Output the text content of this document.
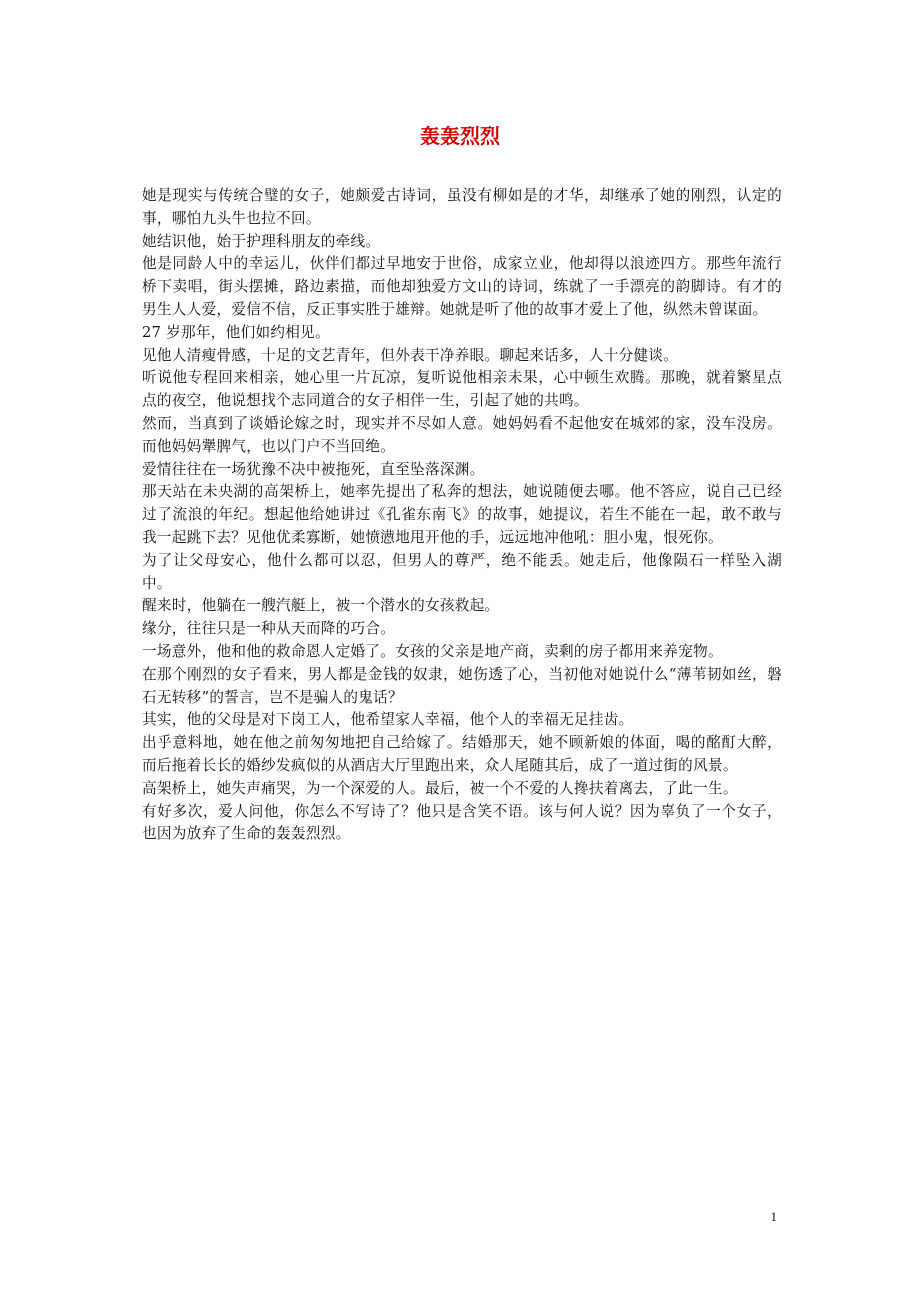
轰轰烈烈

她是现实与传统合璧的女子，她颇爱古诗词，虽没有柳如是的才华，却继承了她的刚烈，认定的事，哪怕九头牛也拉不回。

她结识他，始于护理科朋友的牵线。

他是同龄人中的幸运儿，伙伴们都过早地安于世俗，成家立业，他却得以浪迹四方。那些年流行桥下卖唱，街头摆摊，路边素描，而他却独爱方文山的诗词，练就了一手漂亮的韵脚诗。有才的男生人人爱，爱信不信，反正事实胜于雄辩。她就是听了他的故事才爱上了他，纵然未曾谋面。

27 岁那年，他们如约相见。

见他人清瘦骨感，十足的文艺青年，但外表干净养眼。聊起来话多，人十分健谈。

听说他专程回来相亲，她心里一片瓦凉，复听说他相亲未果，心中顿生欢腾。那晚，就着繁星点点的夜空，他说想找个志同道合的女子相伴一生，引起了她的共鸣。

然而，当真到了谈婚论嫁之时，现实并不尽如人意。她妈妈看不起他安在城郊的家，没车没房。而他妈妈犟脾气，也以门户不当回绝。

爱情往往在一场犹豫不决中被拖死，直至坠落深渊。

那天站在未央湖的高架桥上，她率先提出了私奔的想法，她说随便去哪。他不答应，说自己已经过了流浪的年纪。想起他给她讲过《孔雀东南飞》的故事，她提议，若生不能在一起，敢不敢与我一起跳下去？见他优柔寡断，她愤懑地甩开他的手，远远地冲他吼：胆小鬼，恨死你。

为了让父母安心，他什么都可以忍，但男人的尊严，绝不能丢。她走后，他像陨石一样坠入湖中。

醒来时，他躺在一艘汽艇上，被一个潜水的女孩救起。

缘分，往往只是一种从天而降的巧合。

一场意外，他和他的救命恩人定婚了。女孩的父亲是地产商，卖剩的房子都用来养宠物。

在那个刚烈的女子看来，男人都是金钱的奴隶，她伤透了心，当初他对她说什么“薄苇韧如丝，磐石无转移”的誓言，岂不是骗人的鬼话？

其实，他的父母是对下岗工人，他希望家人幸福，他个人的幸福无足挂齿。

出乎意料地，她在他之前匆匆地把自己给嫁了。结婚那天，她不顾新娘的体面，喝的酩酊大醉，而后拖着长长的婚纱发疯似的从酒店大厅里跑出来，众人尾随其后，成了一道过街的风景。

高架桥上，她失声痛哭，为一个深爱的人。最后，被一个不爱的人搀扶着离去，了此一生。

有好多次，爱人问他，你怎么不写诗了？他只是含笑不语。该与何人说？因为辜负了一个女子，也因为放弃了生命的轰轰烈烈。

1
